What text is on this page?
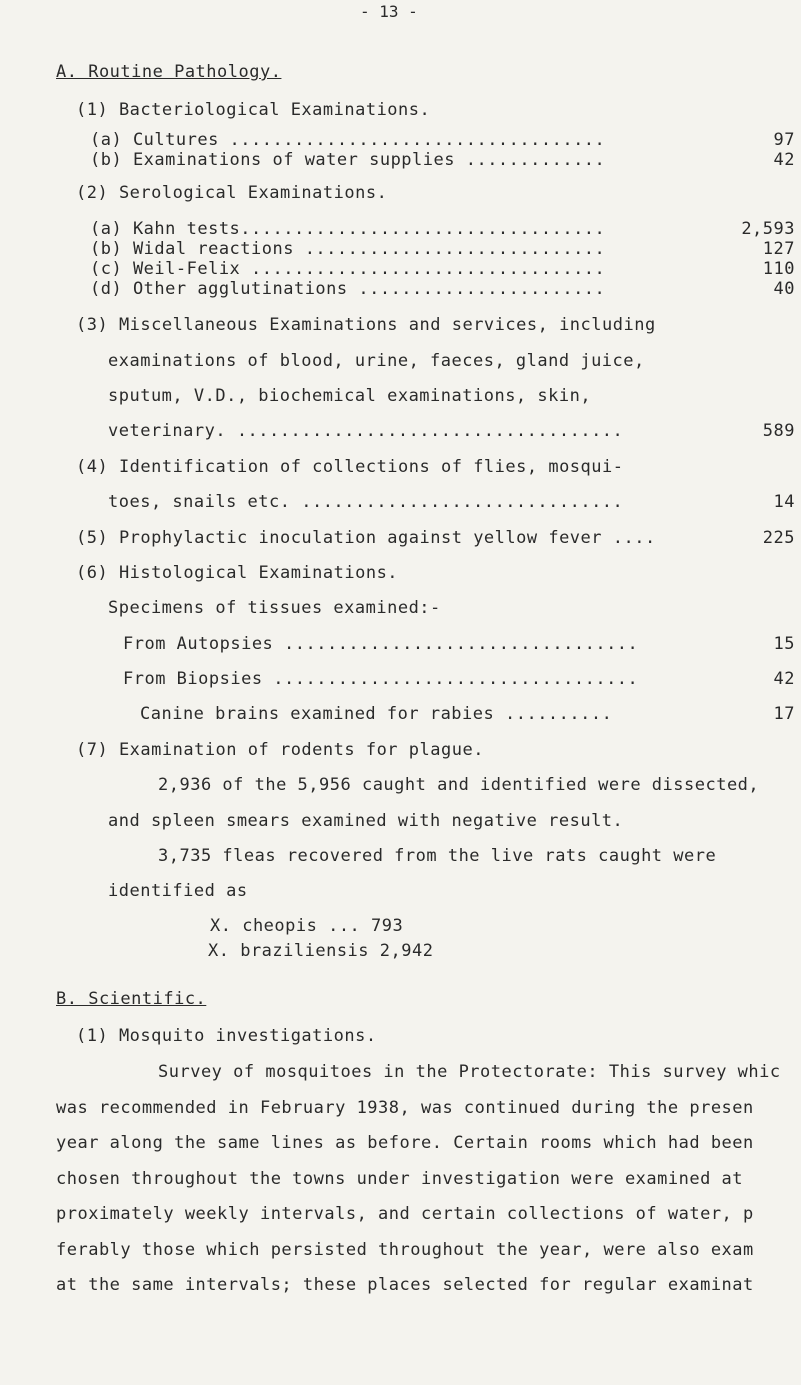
- 13 -
A. Routine Pathology.
(1) Bacteriological Examinations.
(a) Cultures ...................................	97
(b) Examinations of water supplies .............	42
(2) Serological Examinations.
(a) Kahn tests..................................	2,593
(b) Widal reactions ............................	127
(c) Weil-Felix .................................	110
(d) Other agglutinations .......................	40
(3) Miscellaneous Examinations and services, including
examinations of blood, urine, faeces, gland juice,
sputum, V.D., biochemical examinations, skin,
veterinary. ....................................	589
(4) Identification of collections of flies, mosqui-
toes, snails etc. ..............................	14
(5) Prophylactic inoculation against yellow fever ....	225
(6) Histological Examinations.
Specimens of tissues examined:-
From Autopsies .................................	15
From Biopsies ..................................	42
Canine brains examined for rabies ..........	17
(7) Examination of rodents for plague.
2,936 of the 5,956 caught and identified were dissected,
and spleen smears examined with negative result.
3,735 fleas recovered from the live rats caught were
identified as
X. cheopis ... 793
X. braziliensis 2,942
B. Scientific.
(1) Mosquito investigations.
Survey of mosquitoes in the Protectorate: This survey whic
was recommended in February 1938, was continued during the presen
year along the same lines as before. Certain rooms which had been
chosen throughout the towns under investigation were examined at
proximately weekly intervals, and certain collections of water, p
ferably those which persisted throughout the year, were also exam
at the same intervals; these places selected for regular examinat
